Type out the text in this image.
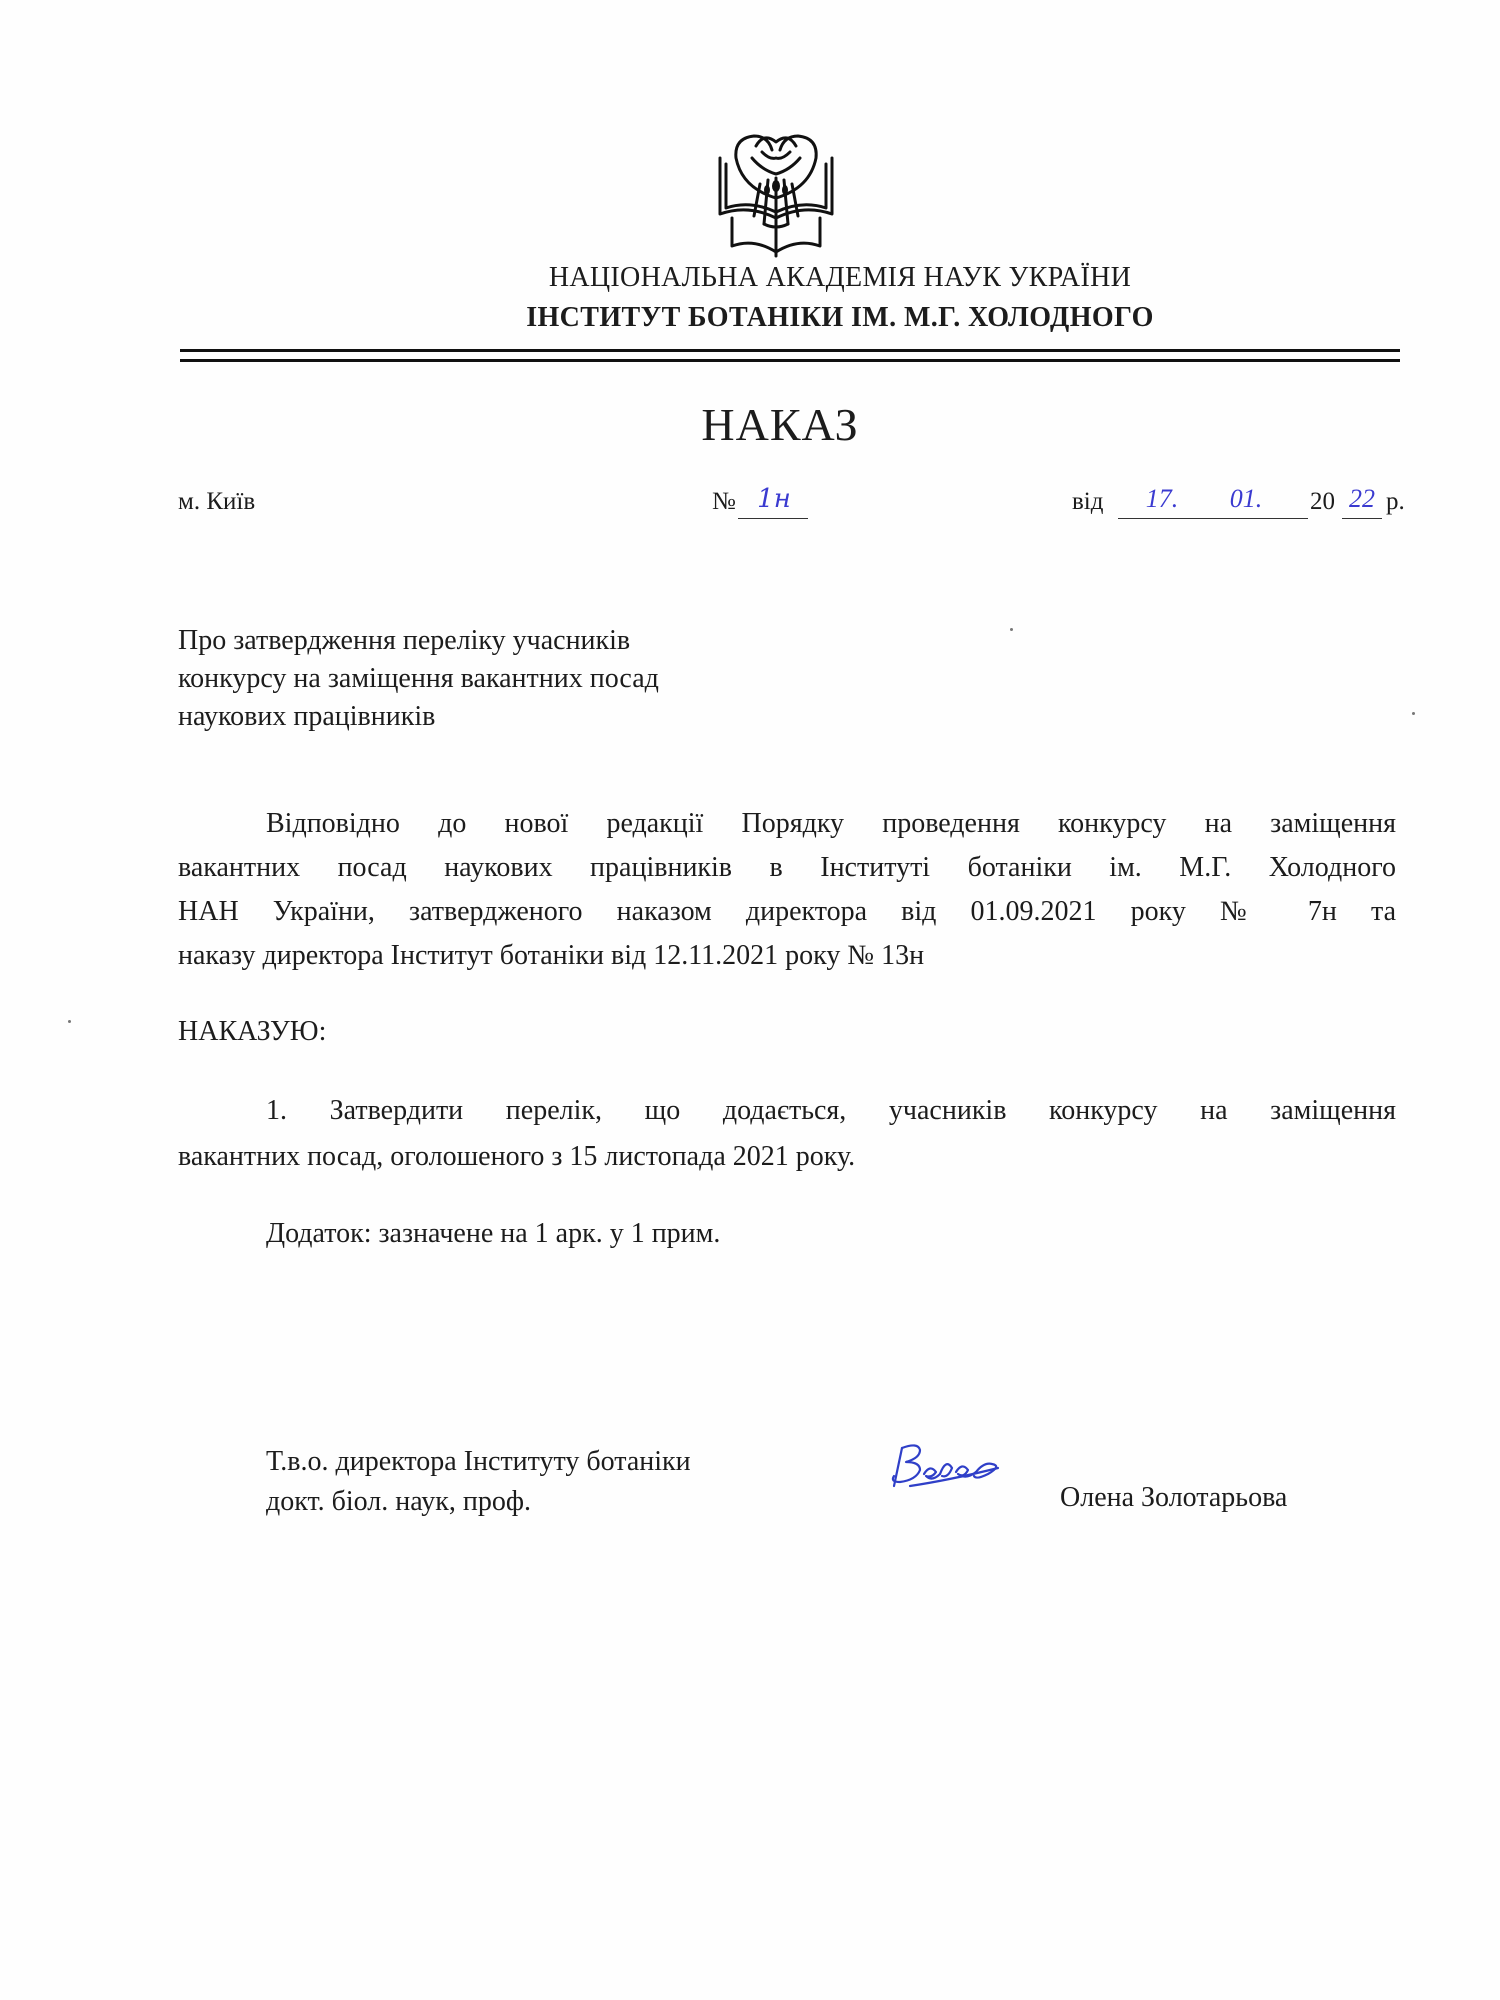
НАЦІОНАЛЬНА АКАДЕМІЯ НАУК УКРАЇНИ
ІНСТИТУТ БОТАНІКИ ІМ. М.Г. ХОЛОДНОГО
НАКАЗ
м. Київ	№ 1н	від	17.	01.	20 22 р.
Про затвердження переліку учасників
конкурсу на заміщення вакантних посад
наукових працівників
Відповідно до нової редакції Порядку проведення конкурсу на заміщення
вакантних посад наукових працівників в Інституті ботаніки ім. М.Г. Холодного
НАН України, затвердженого наказом директора від 01.09.2021 року № 7н та
наказу директора Інститут ботаніки від 12.11.2021 року № 13н
НАКАЗУЮ:
1. Затвердити перелік, що додається, учасників конкурсу на заміщення
вакантних посад, оголошеного з 15 листопада 2021 року.
Додаток: зазначене на 1 арк. у 1 прим.
Т.в.о. директора Інституту ботаніки
докт. біол. наук, проф.	Олена Золотарьова
